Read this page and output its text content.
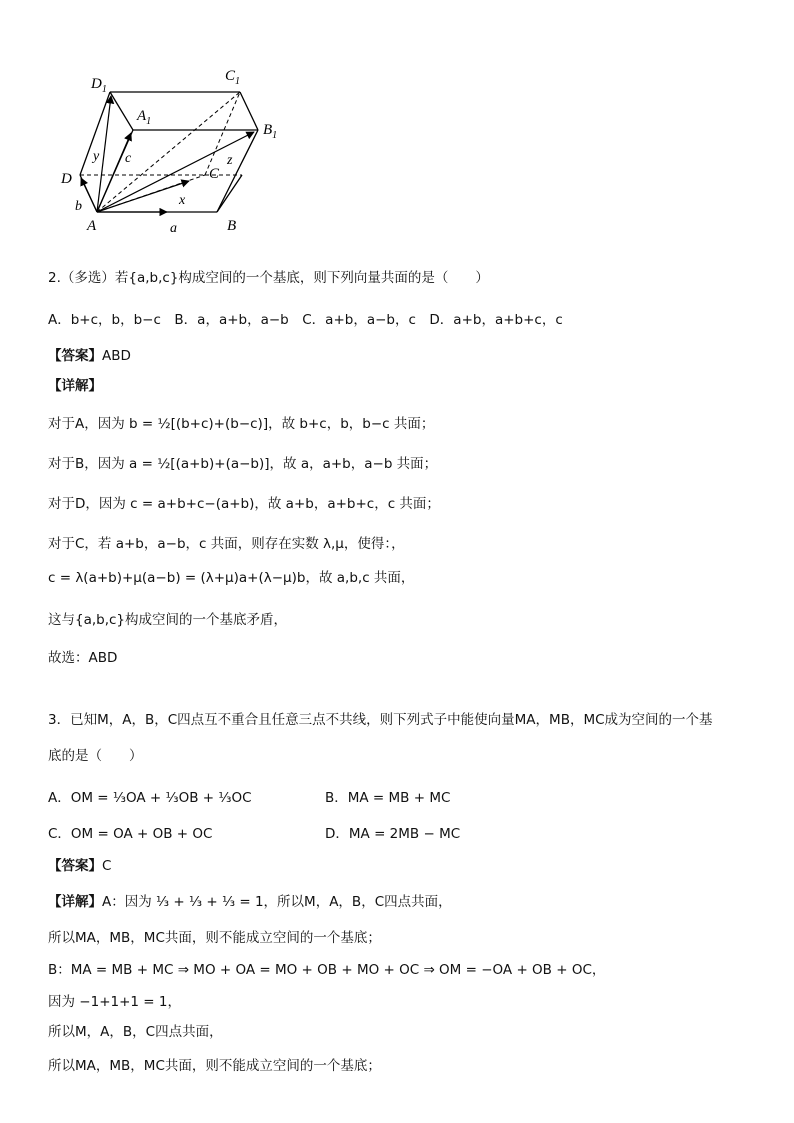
$D_1$
$C_1$
$A_1$
$B_1$
D	C
A	B
y c	z
b	x
a
2.（多选）若{a,b,c}构成空间的一个基底，则下列向量共面的是（　　）
A．b+c，b，b−c　B．a，a+b，a−b　C．a+b，a−b，c　D．a+b，a+b+c，c
【答案】ABD
【详解】
对于A，因为 b = ½[(b+c)+(b−c)]，故 b+c，b，b−c 共面；
对于B，因为 a = ½[(a+b)+(a−b)]，故 a，a+b，a−b 共面；
对于D，因为 c = a+b+c−(a+b)，故 a+b，a+b+c，c 共面；
对于C，若 a+b，a−b，c 共面，则存在实数 λ,μ，使得：，
c = λ(a+b)+μ(a−b) = (λ+μ)a+(λ−μ)b，故 a,b,c 共面，
这与{a,b,c}构成空间的一个基底矛盾，
故选：ABD
3．已知M，A，B，C四点互不重合且任意三点不共线，则下列式子中能使向量MA，MB，MC成为空间的一个基
底的是（　　）
A．OM = ⅓OA + ⅓OB + ⅓OC	B．MA = MB + MC
C．OM = OA + OB + OC	D．MA = 2MB − MC
【答案】C
【详解】A：因为 ⅓ + ⅓ + ⅓ = 1，所以M，A，B，C四点共面，
所以MA，MB，MC共面，则不能成立空间的一个基底；
B：MA = MB + MC ⇒ MO + OA = MO + OB + MO + OC ⇒ OM = −OA + OB + OC，
因为 −1+1+1 = 1，
所以M，A，B，C四点共面，
所以MA，MB，MC共面，则不能成立空间的一个基底；
